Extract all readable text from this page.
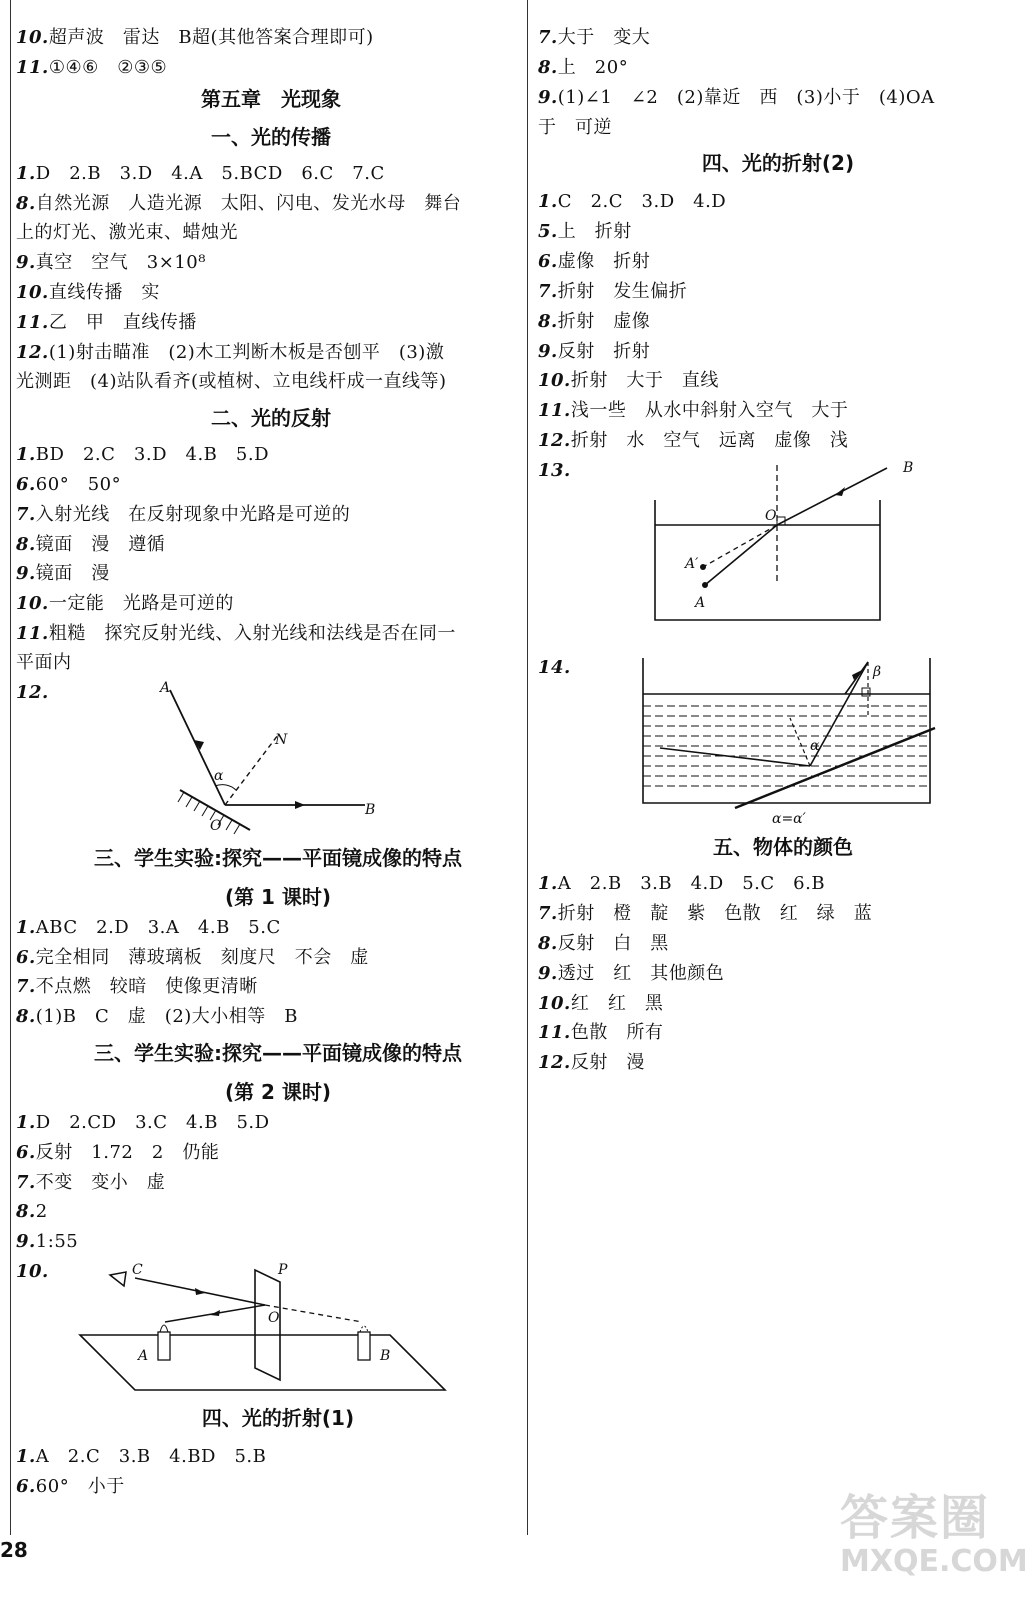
10.超声波　雷达　B超(其他答案合理即可)
11.①④⑥　②③⑤
第五章　光现象
一、光的传播
1.D　2.B　3.D　4.A　5.BCD　6.C　7.C
8.自然光源　人造光源　太阳、闪电、发光水母　舞台
上的灯光、激光束、蜡烛光
9.真空　空气　3×10⁸
10.直线传播　实
11.乙　甲　直线传播
12.(1)射击瞄准　(2)木工判断木板是否刨平　(3)激
光测距　(4)站队看齐(或植树、立电线杆成一直线等)
二、光的反射
1.BD　2.C　3.D　4.B　5.D
6.60°　50°
7.入射光线　在反射现象中光路是可逆的
8.镜面　漫　遵循
9.镜面　漫
10.一定能　光路是可逆的
11.粗糙　探究反射光线、入射光线和法线是否在同一
平面内
12.
三、学生实验:探究——平面镜成像的特点
(第 1 课时)
1.ABC　2.D　3.A　4.B　5.C
6.完全相同　薄玻璃板　刻度尺　不会　虚
7.不点燃　较暗　使像更清晰
8.(1)B　C　虚　(2)大小相等　B
三、学生实验:探究——平面镜成像的特点
(第 2 课时)
1.D　2.CD　3.C　4.B　5.D
6.反射　1.72　2　仍能
7.不变　变小　虚
8.2
9.1:55
10.
四、光的折射(1)
1.A　2.C　3.B　4.BD　5.B
6.60°　小于
7.大于　变大
8.上　20°
9.(1)∠1　∠2　(2)靠近　西　(3)小于　(4)OA
于　可逆
四、光的折射(2)
1.C　2.C　3.D　4.D
5.上　折射
6.虚像　折射
7.折射　发生偏折
8.折射　虚像
9.反射　折射
10.折射　大于　直线
11.浅一些　从水中斜射入空气　大于
12.折射　水　空气　远离　虚像　浅
13.
14.
五、物体的颜色
1.A　2.B　3.B　4.D　5.C　6.B
7.折射　橙　靛　紫　色散　红　绿　蓝
8.反射　白　黑
9.透过　红　其他颜色
10.红　红　黑
11.色散　所有
12.反射　漫
A
N
α
O
B
C	P
O
A	B
B
O
A′
A
β
α
α=α′
28
答案圈
MXQE.COM
